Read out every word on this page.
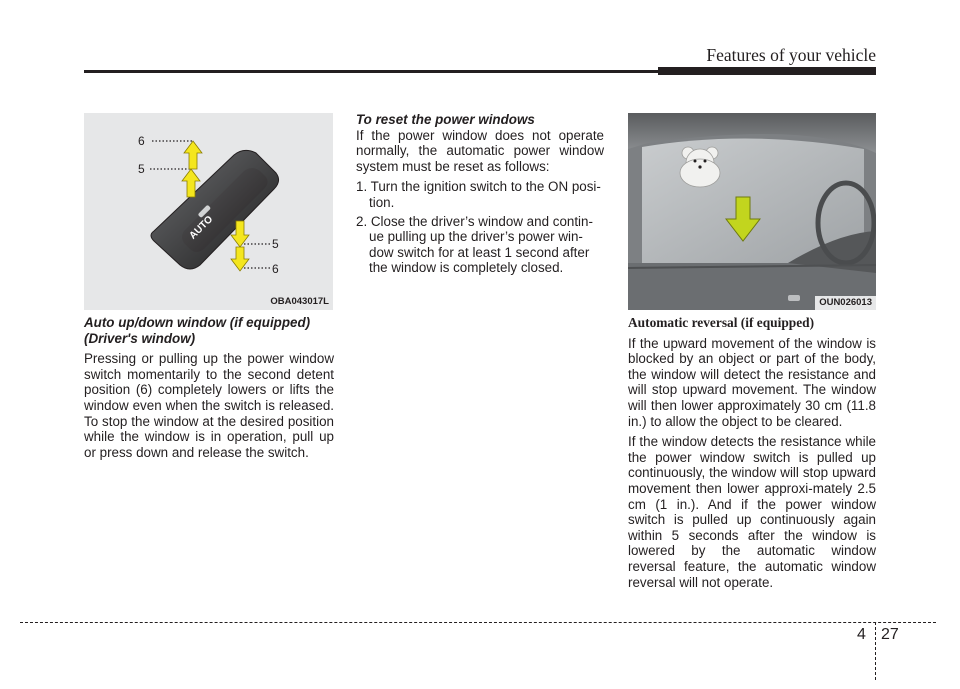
Features of your vehicle
AUTO
6
5
5
6
OBA043017L
Auto up/down window (if equipped)
(Driver's window)

Pressing or pulling up the power window switch momentarily to the second detent position (6) completely lowers or lifts the window even when the switch is released. To stop the window at the desired position while the window is in operation, pull up or press down and release the switch.

To reset the power windows

If the power window does not operate normally, the automatic power window system must be reset as follows:

1. Turn the ignition switch to the ON posi-tion.
2. Close the driver’s window and contin-ue pulling up the driver’s power win-dow switch for at least 1 second after the window is completely closed.
OUN026013
Automatic reversal (if equipped)

If the upward movement of the window is blocked by an object or part of the body, the window will detect the resistance and will stop upward movement. The window will then lower approximately 30 cm (11.8 in.) to allow the object to be cleared.

If the window detects the resistance while the power window switch is pulled up continuously, the window will stop upward movement then lower approxi-mately 2.5 cm (1 in.). And if the power window switch is pulled up continuously again within 5 seconds after the window is lowered by the automatic window reversal feature, the automatic window reversal will not operate.

4 27
